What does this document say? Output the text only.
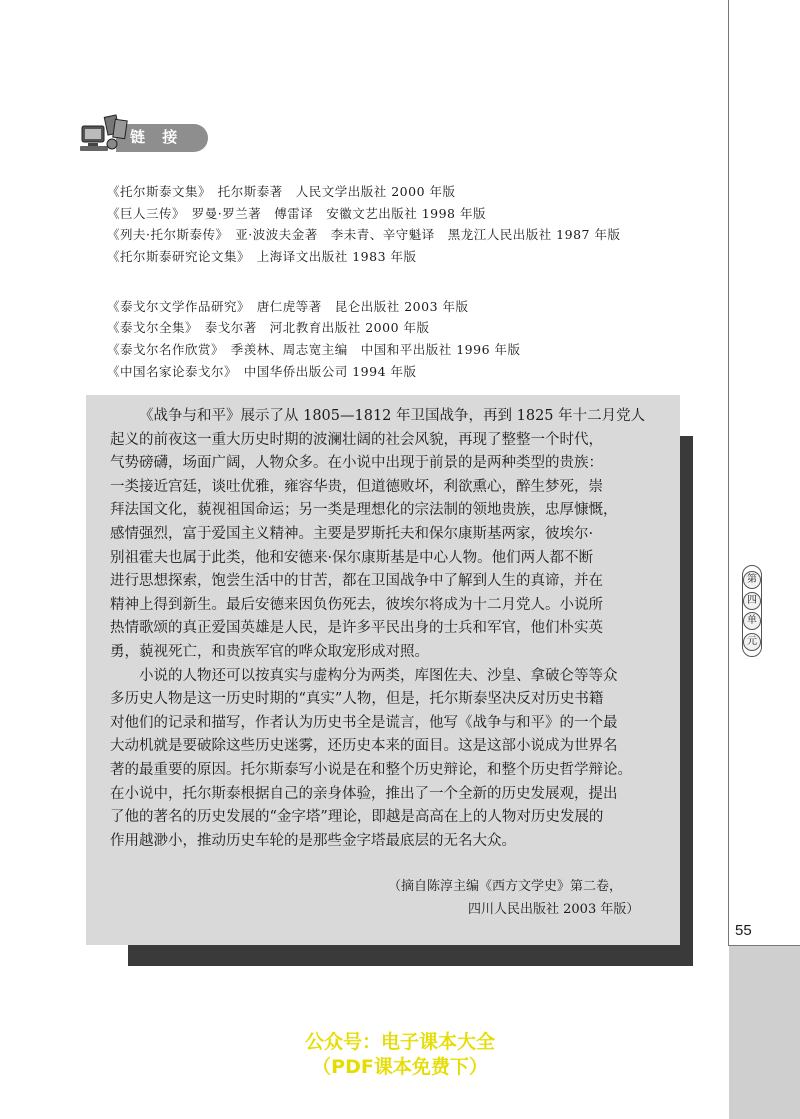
链 接
《托尔斯泰文集》　托尔斯泰著　人民文学出版社 2000 年版
《巨人三传》　罗曼·罗兰著　傅雷译　安徽文艺出版社 1998 年版
《列夫·托尔斯泰传》　亚·波波夫金著　李未青、辛守魁译　黑龙江人民出版社 1987 年版
《托尔斯泰研究论文集》　上海译文出版社 1983 年版
《泰戈尔文学作品研究》　唐仁虎等著　昆仑出版社 2003 年版
《泰戈尔全集》　泰戈尔著　河北教育出版社 2000 年版
《泰戈尔名作欣赏》　季羡林、周志宽主编　中国和平出版社 1996 年版
《中国名家论泰戈尔》　中国华侨出版公司 1994 年版

《战争与和平》展示了从 1805—1812 年卫国战争，再到 1825 年十二月党人
起义的前夜这一重大历史时期的波澜壮阔的社会风貌，再现了整整一个时代，
气势磅礴，场面广阔，人物众多。在小说中出现于前景的是两种类型的贵族：
一类接近宫廷，谈吐优雅，雍容华贵，但道德败坏，利欲熏心，醉生梦死，崇
拜法国文化，藐视祖国命运；另一类是理想化的宗法制的领地贵族，忠厚慷慨，
感情强烈，富于爱国主义精神。主要是罗斯托夫和保尔康斯基两家，彼埃尔·
别祖霍夫也属于此类，他和安德来·保尔康斯基是中心人物。他们两人都不断
进行思想探索，饱尝生活中的甘苦，都在卫国战争中了解到人生的真谛，并在
精神上得到新生。最后安德来因负伤死去，彼埃尔将成为十二月党人。小说所
热情歌颂的真正爱国英雄是人民，是许多平民出身的士兵和军官，他们朴实英
勇，藐视死亡，和贵族军官的哗众取宠形成对照。

小说的人物还可以按真实与虚构分为两类，库图佐夫、沙皇、拿破仑等等众
多历史人物是这一历史时期的“真实”人物，但是，托尔斯泰坚决反对历史书籍
对他们的记录和描写，作者认为历史书全是谎言，他写《战争与和平》的一个最
大动机就是要破除这些历史迷雾，还历史本来的面目。这是这部小说成为世界名
著的最重要的原因。托尔斯泰写小说是在和整个历史辩论，和整个历史哲学辩论。
在小说中，托尔斯泰根据自己的亲身体验，推出了一个全新的历史发展观，提出
了他的著名的历史发展的“金字塔”理论，即越是高高在上的人物对历史发展的
作用越渺小，推动历史车轮的是那些金字塔最底层的无名大众。

（摘自陈淳主编《西方文学史》第二卷，
四川人民出版社 2003 年版）
第
四
单
元
55
公众号：电子课本大全
（PDF课本免费下）
